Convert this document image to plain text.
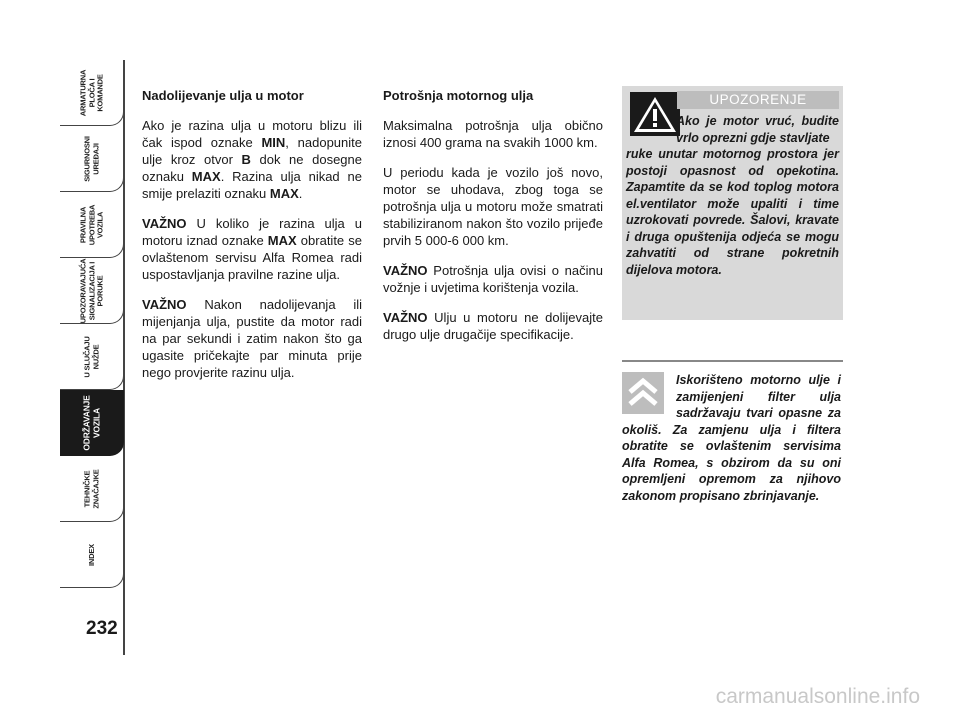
ARMATURNA
PLOČA I
KOMANDE
SIGURNOSNI
UREĐAJI
PRAVILNA
UPOTREBA
VOZILA
UPOZORAVAJUĆA
SIGNALIZACIJA I
PORUKE
U SLUČAJU
NUŽDE
ODRŽAVANJE
VOZILA
TEHNIČKE
ZNAČAJKE
INDEX
232
Nadolijevanje ulja u motor

Ako je razina ulja u motoru blizu ili čak ispod oznake MIN, nadopunite ulje kroz otvor B dok ne dosegne oznaku MAX. Razina ulja nikad ne smije prelaziti oznaku MAX.

VAŽNO U koliko je razina ulja u motoru iznad oznake MAX obratite se ovlaštenom servisu Alfa Romea radi uspostavljanja pravilne razine ulja.

VAŽNO Nakon nadolijevanja ili mijenjanja ulja, pustite da motor radi na par sekundi i zatim nakon što ga ugasite pričekajte par minuta prije nego provjerite razinu ulja.

Potrošnja motornog ulja

Maksimalna potrošnja ulja obično iznosi 400 grama na svakih 1000 km.

U periodu kada je vozilo još novo, motor se uhodava, zbog toga se potrošnja ulja u motoru može smatrati stabiliziranom nakon što vozilo prijeđe prvih 5 000-6 000 km.

VAŽNO Potrošnja ulja ovisi o načinu vožnje i uvjetima korištenja vozila.

VAŽNO Ulju u motoru ne dolijevajte drugo ulje drugačije specifikacije.

UPOZORENJE
Ako je motor vruć, budite vrlo oprezni gdje stavljate
ruke unutar motornog prostora jer postoji opasnost od opekotina. Zapamtite da se kod toplog motora el.ventilator može upaliti i time uzrokovati povrede. Šalovi, kravate i druga opuštenija odjeća se mogu zahvatiti od strane pokretnih dijelova motora.
Iskorišteno motorno ulje i zamijenjeni filter ulja sadržavaju tvari opasne za okoliš. Za zamjenu ulja i filtera obratite se ovlaštenim servisima Alfa Romea, s obzirom da su oni opremljeni opremom za njihovo zakonom propisano zbrinjavanje.
carmanualsonline.info
